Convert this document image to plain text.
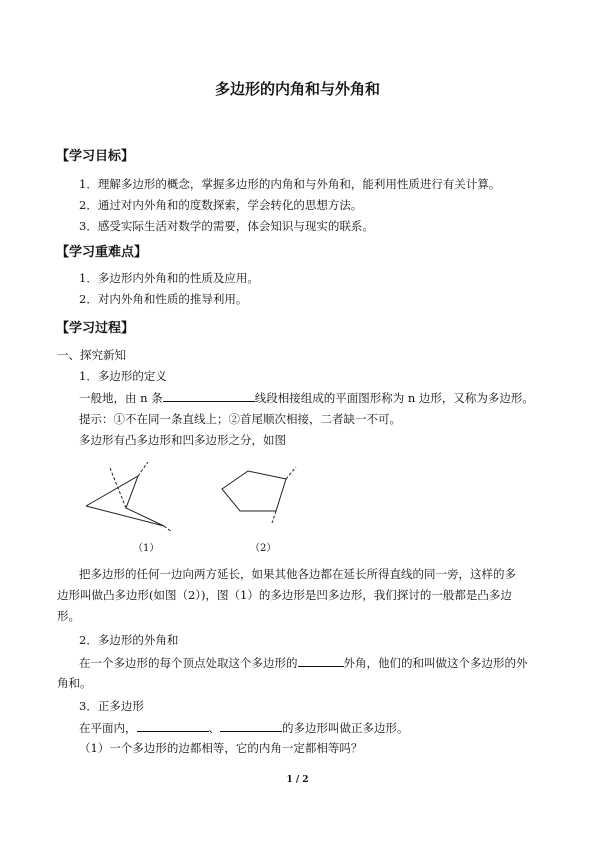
多边形的内角和与外角和
【学习目标】
1．理解多边形的概念，掌握多边形的内角和与外角和，能利用性质进行有关计算。
2．通过对内外角和的度数探索，学会转化的思想方法。
3．感受实际生活对数学的需要，体会知识与现实的联系。
【学习重难点】
1．多边形内外角和的性质及应用。
2．对内外角和性质的推导利用。
【学习过程】
一、探究新知
1．多边形的定义
一般地，由 n 条	线段相接组成的平面图形称为 n 边形，又称为多边形。
提示：①不在同一条直线上；②首尾顺次相接，二者缺一不可。
多边形有凸多边形和凹多边形之分，如图
（1）	（2）
把多边形的任何一边向两方延长，如果其他各边都在延长所得直线的同一旁，这样的多
边形叫做凸多边形(如图（2）)，图（1）的多边形是凹多边形，我们探讨的一般都是凸多边
形。
2．多边形的外角和
在一个多边形的每个顶点处取这个多边形的	外角，他们的和叫做这个多边形的外
角和。
3．正多边形
在平面内，	、	的多边形叫做正多边形。
（1）一个多边形的边都相等，它的内角一定都相等吗？
1 / 2
